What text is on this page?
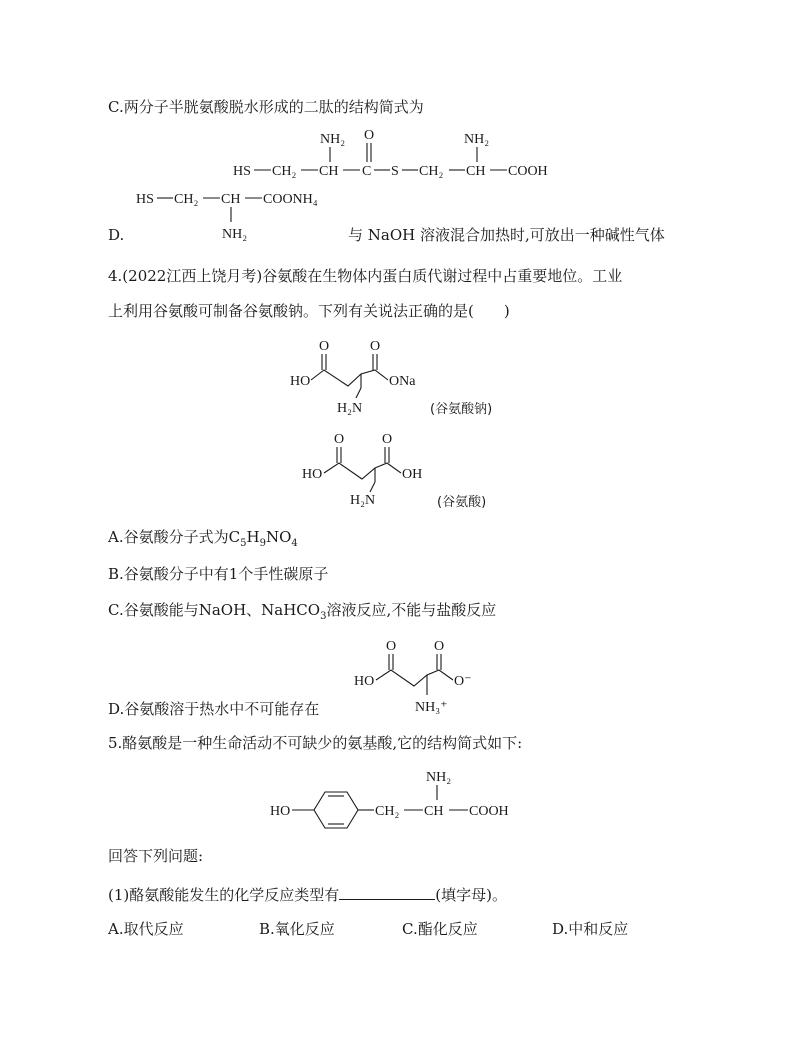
C.两分子半胱氨酸脱水形成的二肽的结构简式为
NH₂ O	NH₂
HS CH₂ CH C S CH₂ CH COOH
HS CH₂ CH COONH₄
NH₂
D.	与 NaOH 溶液混合加热时,可放出一种碱性气体
4.(2022江西上饶月考)谷氨酸在生物体内蛋白质代谢过程中占重要地位。工业
上利用谷氨酸可制备谷氨酸钠。下列有关说法正确的是(　　)
O	O
HO	ONa
H₂N	(谷氨酸钠)
O	O
HO	OH
H₂N	(谷氨酸)
A.谷氨酸分子式为$C_5H_9NO_4$
B.谷氨酸分子中有1个手性碳原子
C.谷氨酸能与NaOH、NaHCO$_3$溶液反应,不能与盐酸反应
O	O
HO	O⁻
NH₃⁺
D.谷氨酸溶于热水中不可能存在
5.酪氨酸是一种生命活动不可缺少的氨基酸,它的结构简式如下:
NH₂
HO	CH₂ CH COOH
回答下列问题:
(1)酪氨酸能发生的化学反应类型有	(填字母)。
A.取代反应	B.氧化反应	C.酯化反应	D.中和反应
